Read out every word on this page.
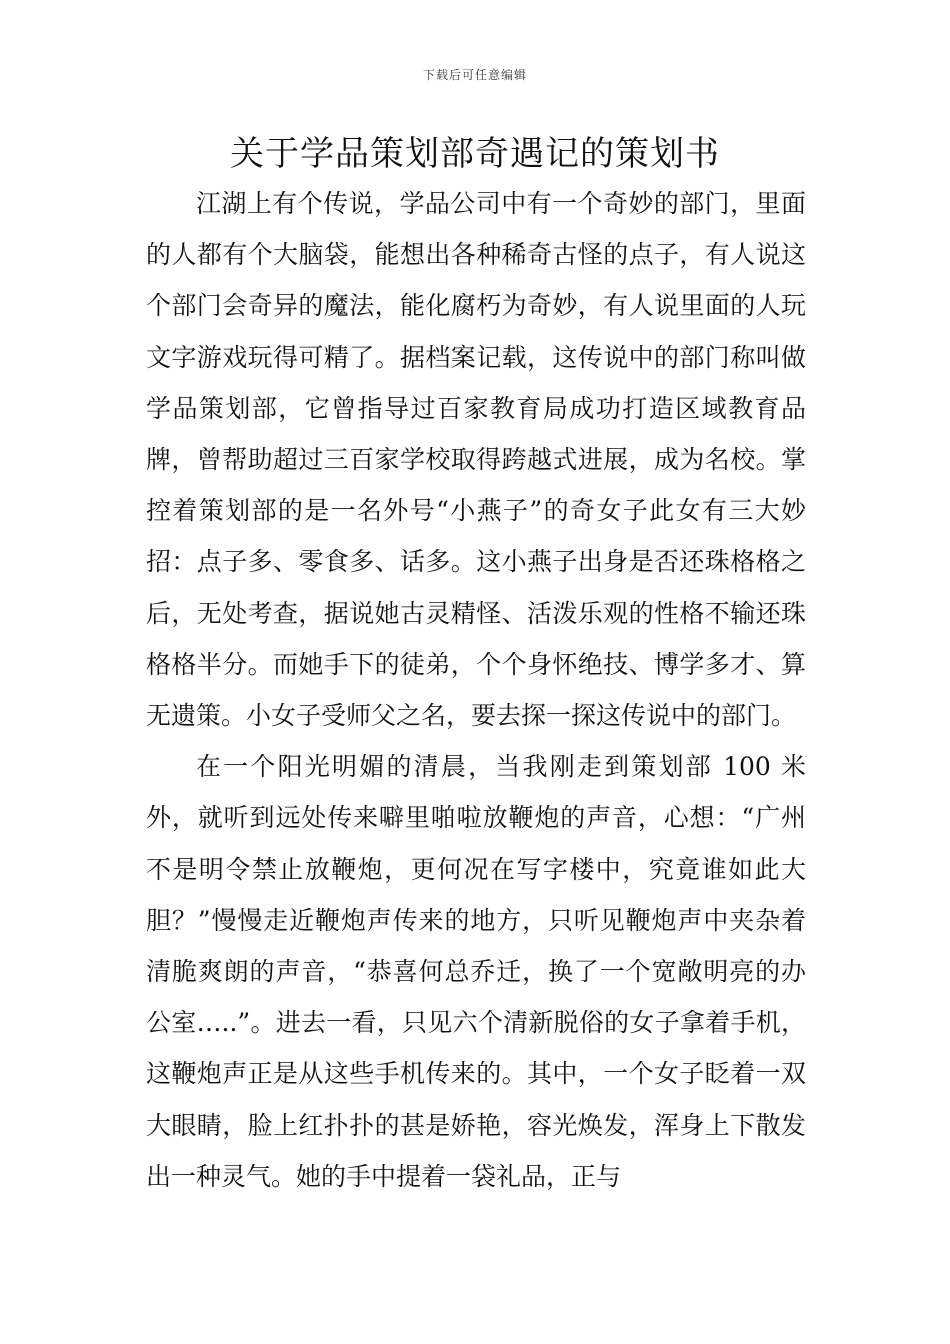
下载后可任意编辑
关于学品策划部奇遇记的策划书

江湖上有个传说，学品公司中有一个奇妙的部门，里面的人都有个大脑袋，能想出各种稀奇古怪的点子，有人说这个部门会奇异的魔法，能化腐朽为奇妙，有人说里面的人玩文字游戏玩得可精了。据档案记载，这传说中的部门称叫做学品策划部，它曾指导过百家教育局成功打造区域教育品牌，曾帮助超过三百家学校取得跨越式进展，成为名校。掌控着策划部的是一名外号“小燕子”的奇女子此女有三大妙招：点子多、零食多、话多。这小燕子出身是否还珠格格之后，无处考查，据说她古灵精怪、活泼乐观的性格不输还珠格格半分。而她手下的徒弟，个个身怀绝技、博学多才、算无遗策。小女子受师父之名，要去探一探这传说中的部门。

在一个阳光明媚的清晨，当我刚走到策划部 100 米外，就听到远处传来噼里啪啦放鞭炮的声音，心想：“广州不是明令禁止放鞭炮，更何况在写字楼中，究竟谁如此大胆？”慢慢走近鞭炮声传来的地方，只听见鞭炮声中夹杂着清脆爽朗的声音，“恭喜何总乔迁，换了一个宽敞明亮的办公室…..”。进去一看，只见六个清新脱俗的女子拿着手机，这鞭炮声正是从这些手机传来的。其中，一个女子眨着一双大眼睛，脸上红扑扑的甚是娇艳，容光焕发，浑身上下散发出一种灵气。她的手中提着一袋礼品，正与
